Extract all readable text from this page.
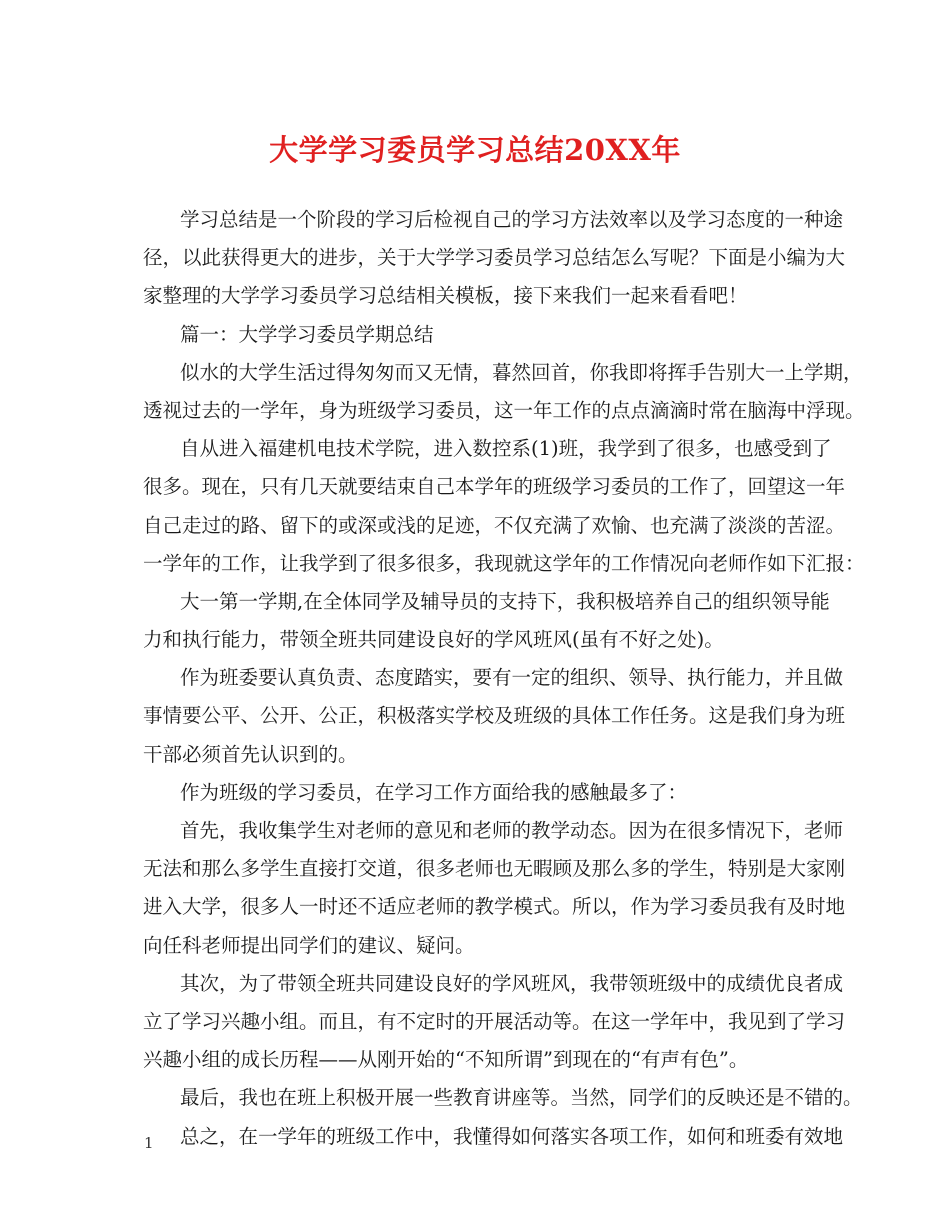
大学学习委员学习总结20XX年
学习总结是一个阶段的学习后检视自己的学习方法效率以及学习态度的一种途
径，以此获得更大的进步，关于大学学习委员学习总结怎么写呢？下面是小编为大
家整理的大学学习委员学习总结相关模板，接下来我们一起来看看吧！
篇一：大学学习委员学期总结
似水的大学生活过得匆匆而又无情，暮然回首，你我即将挥手告别大一上学期，
透视过去的一学年，身为班级学习委员，这一年工作的点点滴滴时常在脑海中浮现。
自从进入福建机电技术学院，进入数控系(1)班，我学到了很多，也感受到了
很多。现在，只有几天就要结束自己本学年的班级学习委员的工作了，回望这一年
自己走过的路、留下的或深或浅的足迹，不仅充满了欢愉、也充满了淡淡的苦涩。
一学年的工作，让我学到了很多很多，我现就这学年的工作情况向老师作如下汇报：
大一第一学期,在全体同学及辅导员的支持下，我积极培养自己的组织领导能
力和执行能力，带领全班共同建设良好的学风班风(虽有不好之处)。
作为班委要认真负责、态度踏实，要有一定的组织、领导、执行能力，并且做
事情要公平、公开、公正，积极落实学校及班级的具体工作任务。这是我们身为班
干部必须首先认识到的。
作为班级的学习委员，在学习工作方面给我的感触最多了：
首先，我收集学生对老师的意见和老师的教学动态。因为在很多情况下，老师
无法和那么多学生直接打交道，很多老师也无暇顾及那么多的学生，特别是大家刚
进入大学，很多人一时还不适应老师的教学模式。所以，作为学习委员我有及时地
向任科老师提出同学们的建议、疑问。
其次，为了带领全班共同建设良好的学风班风，我带领班级中的成绩优良者成
立了学习兴趣小组。而且，有不定时的开展活动等。在这一学年中，我见到了学习
兴趣小组的成长历程——从刚开始的“不知所谓”到现在的“有声有色”。
最后，我也在班上积极开展一些教育讲座等。当然，同学们的反映还是不错的。
总之，在一学年的班级工作中，我懂得如何落实各项工作，如何和班委有效地
1
